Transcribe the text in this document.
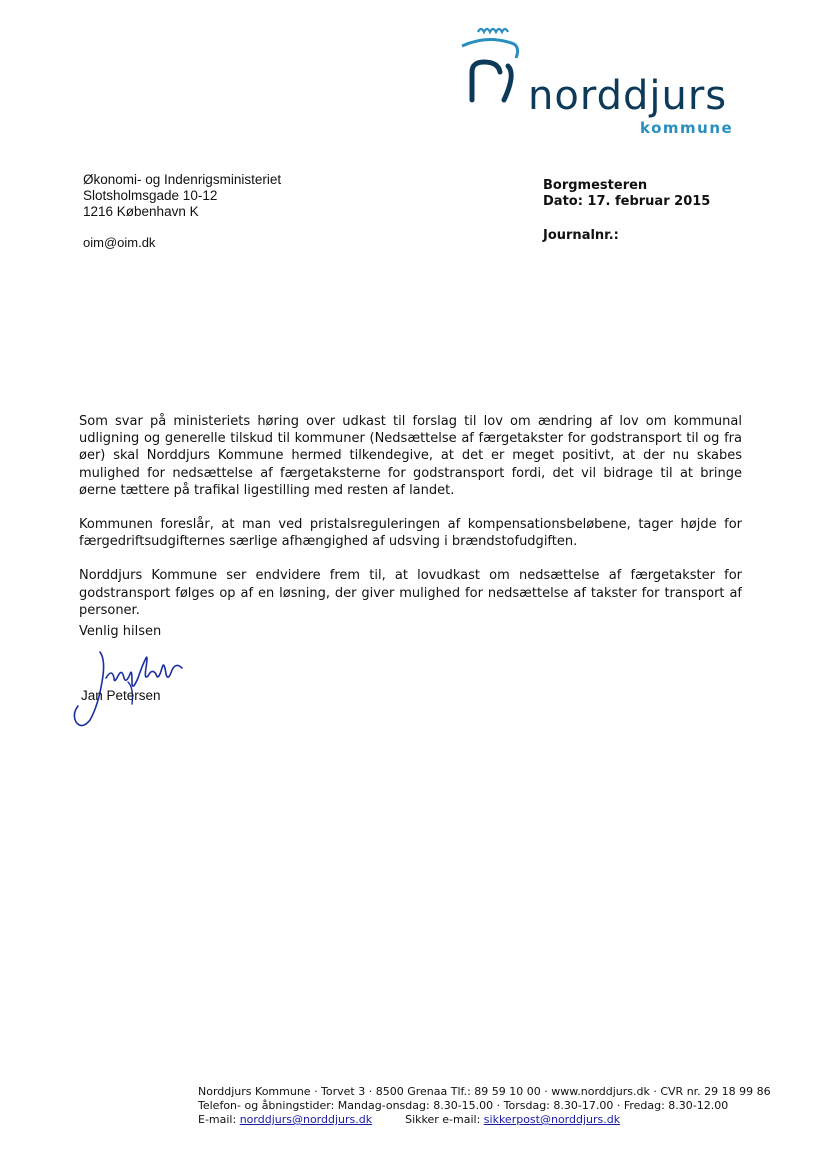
norddjurs
kommune
Økonomi- og Indenrigsministeriet
Slotsholmsgade 10-12
1216 København K
oim@oim.dk
Borgmesteren
Dato: 17. februar 2015
Journalnr.:

Som svar på ministeriets høring over udkast til forslag til lov om ændring af lov om kommunal udligning og generelle tilskud til kommuner (Nedsættelse af færgetakster for godstransport til og fra øer) skal Norddjurs Kommune hermed tilkendegive, at det er meget positivt, at der nu skabes mulighed for nedsættelse af færgetaksterne for godstransport fordi, det vil bidrage til at bringe øerne tættere på trafikal ligestilling med resten af landet.

Kommunen foreslår, at man ved pristalsreguleringen af kompensationsbeløbene, tager højde for færgedriftsudgifternes særlige afhængighed af udsving i brændstofudgiften.

Norddjurs Kommune ser endvidere frem til, at lovudkast om nedsættelse af færgetakster for godstransport følges op af en løsning, der giver mulighed for nedsættelse af takster for transport af personer.

Venlig hilsen
Jan Petersen
Norddjurs Kommune · Torvet 3 · 8500 Grenaa Tlf.: 89 59 10 00 · www.norddjurs.dk · CVR nr. 29 18 99 86
Telefon- og åbningstider: Mandag-onsdag: 8.30-15.00 · Torsdag: 8.30-17.00 · Fredag: 8.30-12.00
E-mail: norddjurs@norddjurs.dk	Sikker e-mail: sikkerpost@norddjurs.dk
